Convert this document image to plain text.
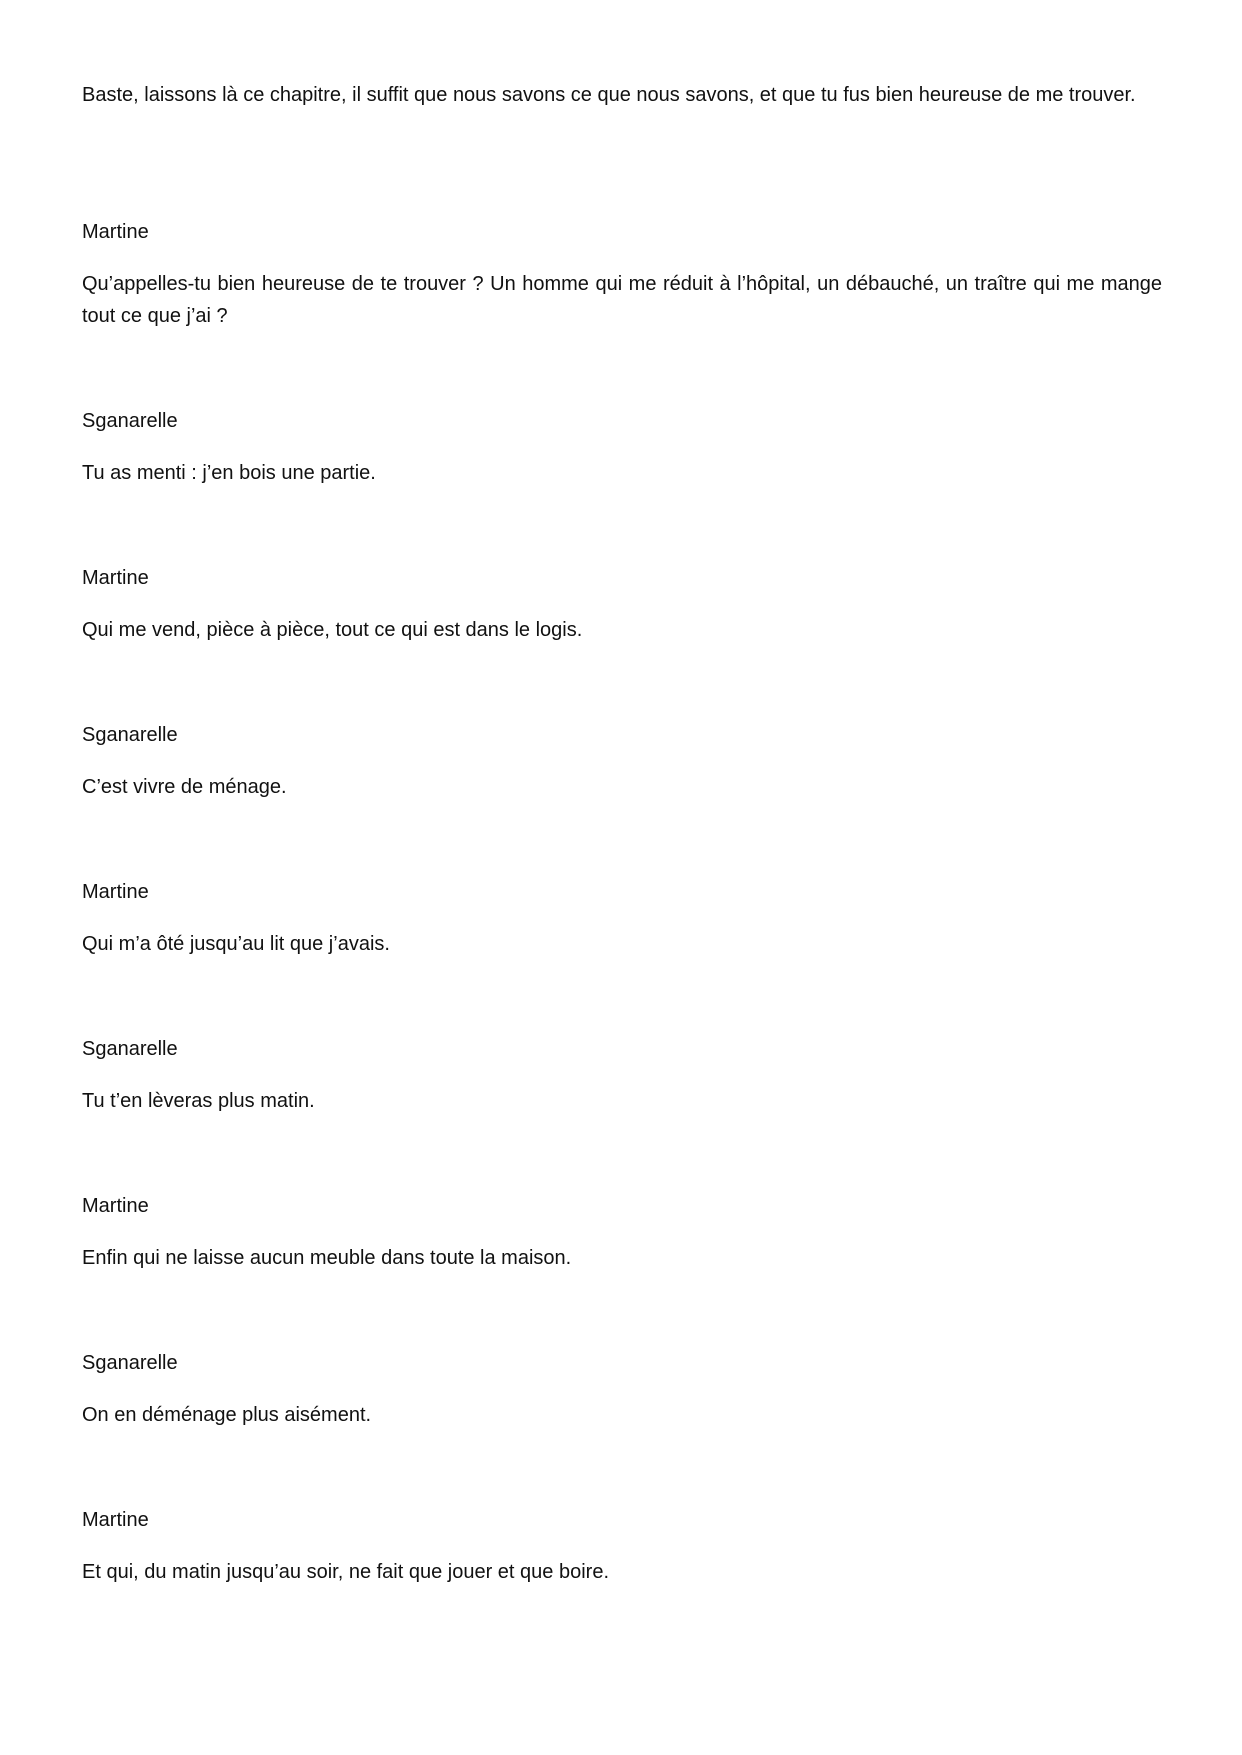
Baste, laissons là ce chapitre, il suffit que nous savons ce que nous savons, et que tu fus bien heureuse de me trouver.

Martine

Qu’appelles-tu bien heureuse de te trouver ? Un homme qui me réduit à l’hôpital, un débauché, un traître qui me mange tout ce que j’ai ?

Sganarelle

Tu as menti : j’en bois une partie.

Martine

Qui me vend, pièce à pièce, tout ce qui est dans le logis.

Sganarelle

C’est vivre de ménage.

Martine

Qui m’a ôté jusqu’au lit que j’avais.

Sganarelle

Tu t’en lèveras plus matin.

Martine

Enfin qui ne laisse aucun meuble dans toute la maison.

Sganarelle

On en déménage plus aisément.

Martine

Et qui, du matin jusqu’au soir, ne fait que jouer et que boire.
